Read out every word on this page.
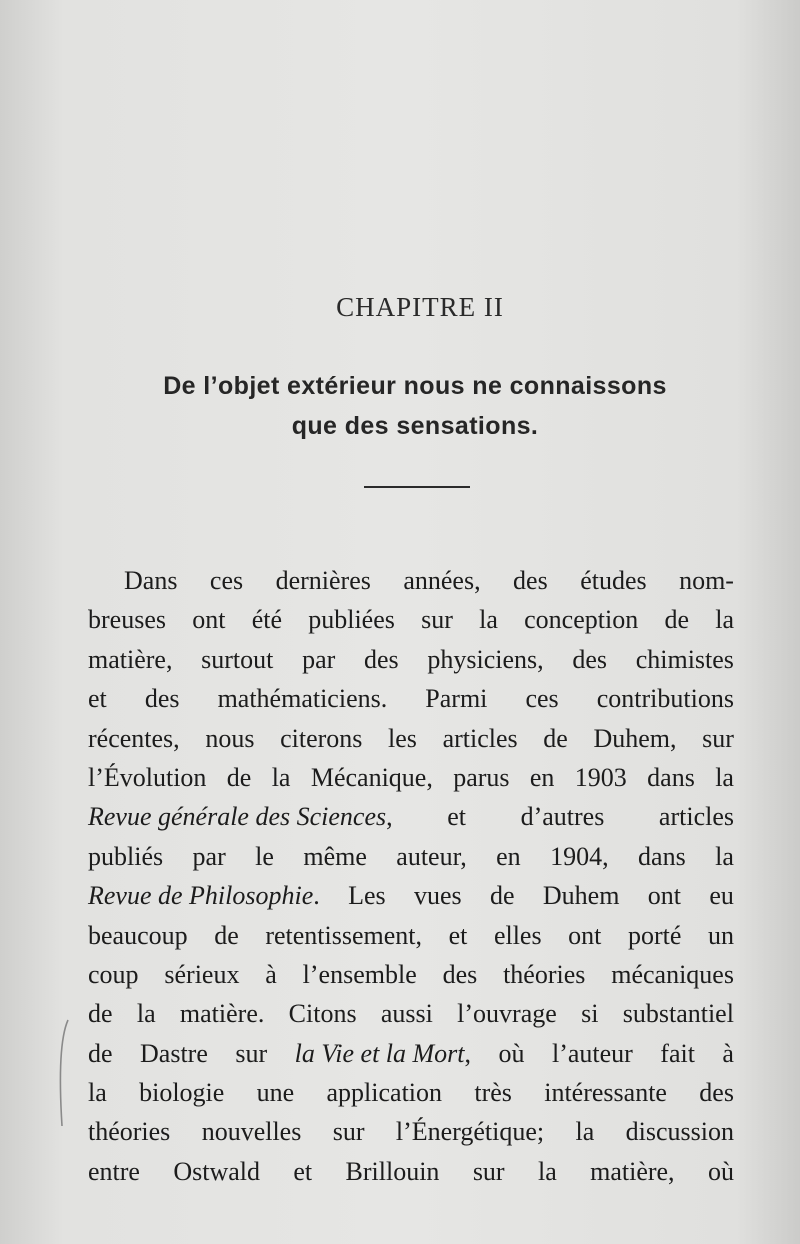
CHAPITRE II
De l’objet extérieur nous ne connaissons
que des sensations.
Dans ces dernières années, des études nom-
breuses ont été publiées sur la conception de la
matière, surtout par des physiciens, des chimistes
et des mathématiciens. Parmi ces contributions
récentes, nous citerons les articles de Duhem, sur
l’Évolution de la Mécanique, parus en 1903 dans la
Revue générale des Sciences, et d’autres articles
publiés par le même auteur, en 1904, dans la
Revue de Philosophie. Les vues de Duhem ont eu
beaucoup de retentissement, et elles ont porté un
coup sérieux à l’ensemble des théories mécaniques
de la matière. Citons aussi l’ouvrage si substantiel
de Dastre sur la Vie et la Mort, où l’auteur fait à
la biologie une application très intéressante des
théories nouvelles sur l’Énergétique; la discussion
entre Ostwald et Brillouin sur la matière, où
